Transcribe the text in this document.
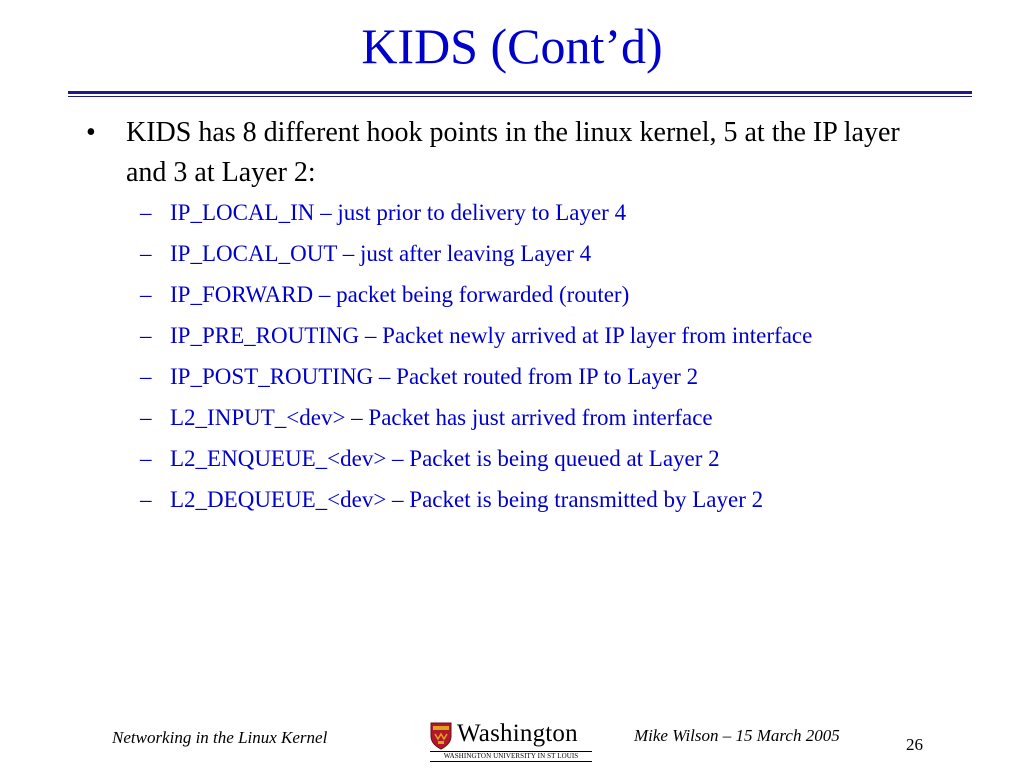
KIDS (Cont’d)
• KIDS has 8 different hook points in the linux kernel, 5 at the IP layer and 3 at Layer 2:
– IP_LOCAL_IN – just prior to delivery to Layer 4
– IP_LOCAL_OUT – just after leaving Layer 4
– IP_FORWARD – packet being forwarded (router)
– IP_PRE_ROUTING – Packet newly arrived at IP layer from interface
– IP_POST_ROUTING – Packet routed from IP to Layer 2
– L2_INPUT_<dev> – Packet has just arrived from interface
– L2_ENQUEUE_<dev> – Packet is being queued at Layer 2
– L2_DEQUEUE_<dev> – Packet is being transmitted by Layer 2
Networking in the Linux Kernel	Washington
WASHINGTON UNIVERSITY IN ST LOUIS
Mike Wilson – 15 March 2005	26
